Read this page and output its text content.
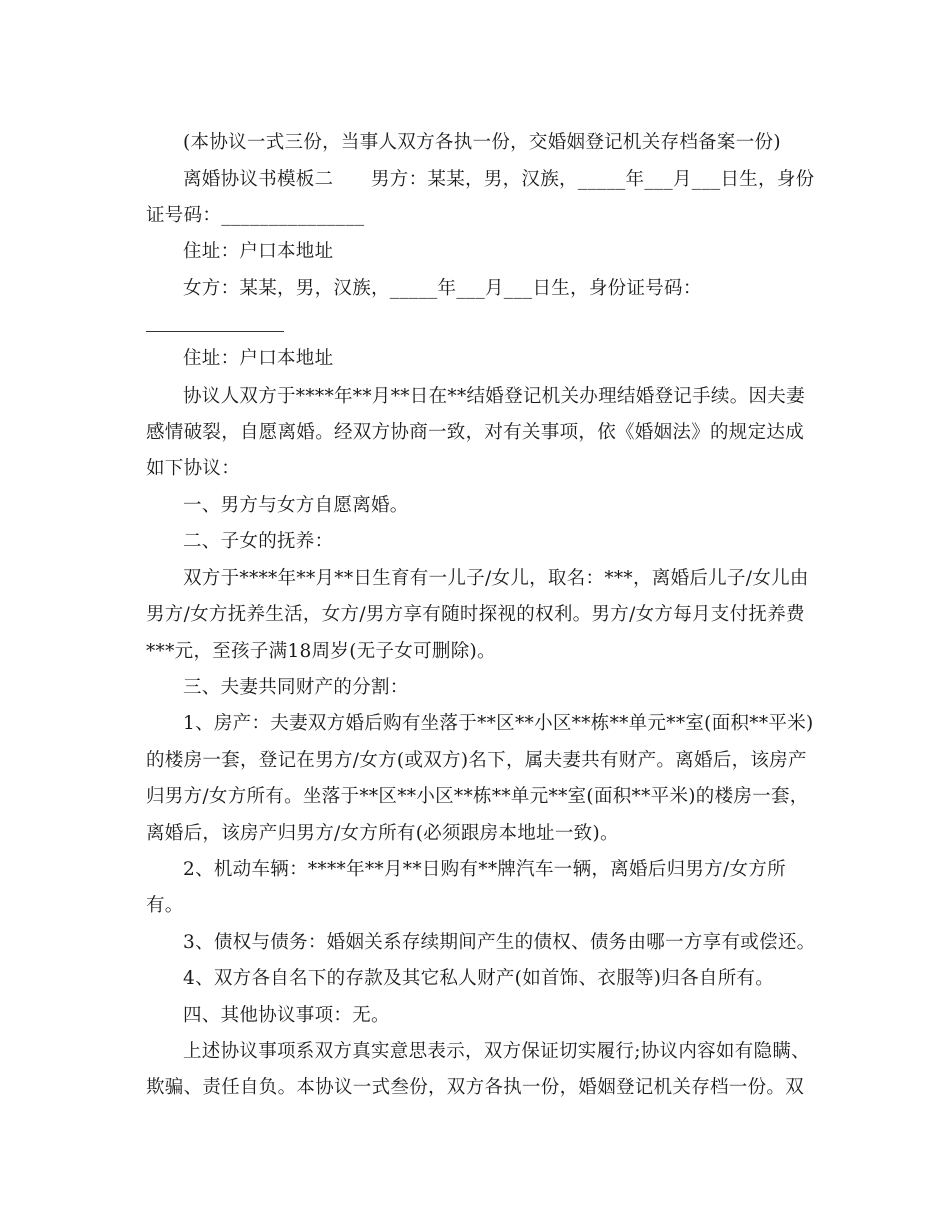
(本协议一式三份，当事人双方各执一份，交婚姻登记机关存档备案一份)
离婚协议书模板二　　男方：某某，男，汉族，_____年___月___日生，身份
证号码：_______________
住址：户口本地址
女方：某某，男，汉族，_____年___月___日生，身份证号码：
住址：户口本地址
协议人双方于****年**月**日在**结婚登记机关办理结婚登记手续。因夫妻
感情破裂，自愿离婚。经双方协商一致，对有关事项，依《婚姻法》的规定达成
如下协议：
一、男方与女方自愿离婚。
二、子女的抚养：
双方于****年**月**日生育有一儿子/女儿，取名：***，离婚后儿子/女儿由
男方/女方抚养生活，女方/男方享有随时探视的权利。男方/女方每月支付抚养费
***元，至孩子满18周岁(无子女可删除)。
三、夫妻共同财产的分割：
1、房产：夫妻双方婚后购有坐落于**区**小区**栋**单元**室(面积**平米)
的楼房一套，登记在男方/女方(或双方)名下，属夫妻共有财产。离婚后，该房产
归男方/女方所有。坐落于**区**小区**栋**单元**室(面积**平米)的楼房一套，
离婚后，该房产归男方/女方所有(必须跟房本地址一致)。
2、机动车辆：****年**月**日购有**牌汽车一辆，离婚后归男方/女方所
有。
3、债权与债务：婚姻关系存续期间产生的债权、债务由哪一方享有或偿还。
4、双方各自名下的存款及其它私人财产(如首饰、衣服等)归各自所有。
四、其他协议事项：无。
上述协议事项系双方真实意思表示，双方保证切实履行;协议内容如有隐瞒、
欺骗、责任自负。本协议一式叁份，双方各执一份，婚姻登记机关存档一份。双
